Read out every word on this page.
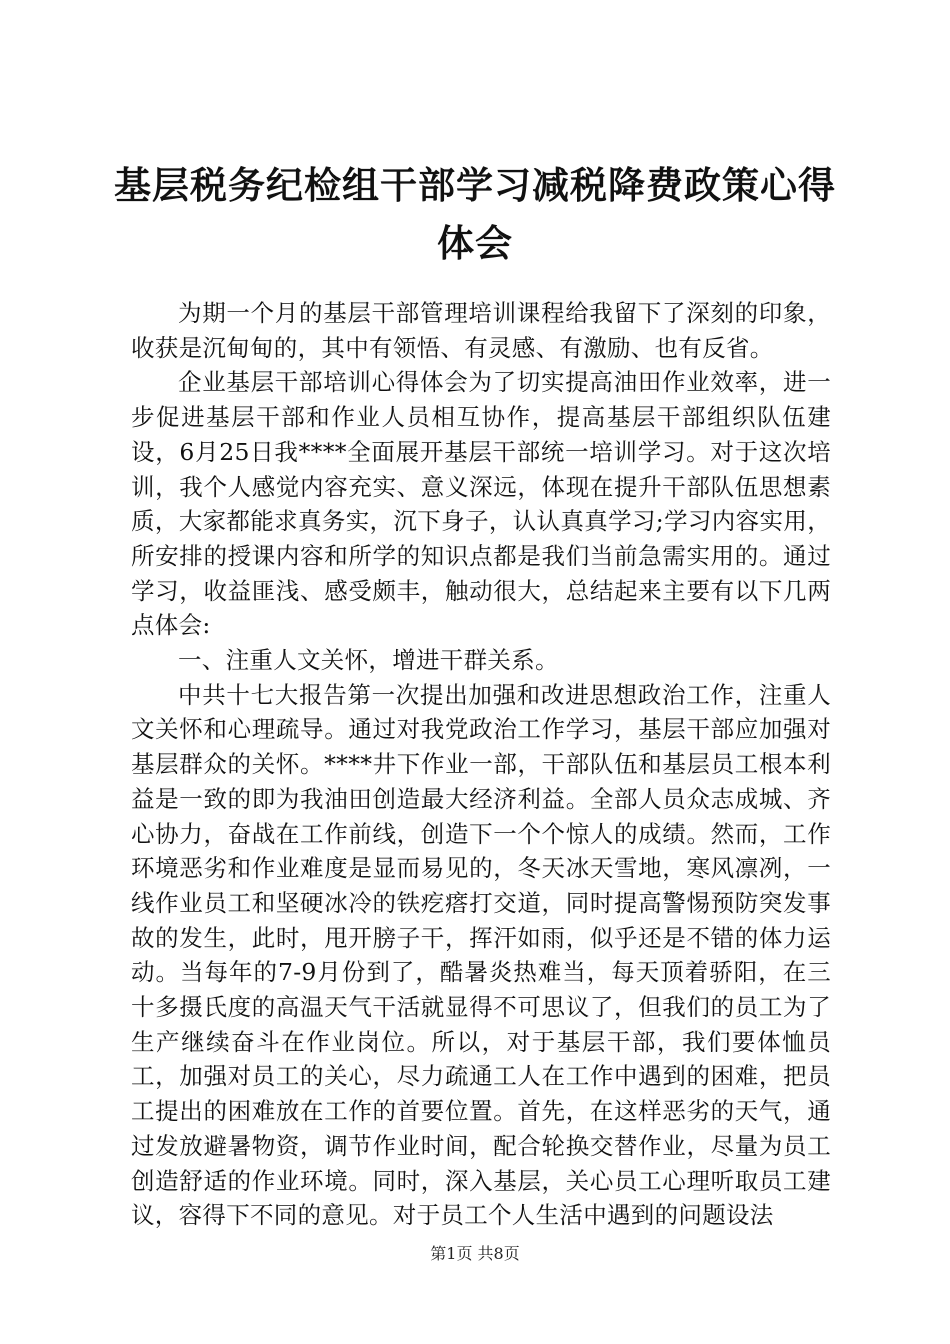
基层税务纪检组干部学习减税降费政策心得体会

为期一个月的基层干部管理培训课程给我留下了深刻的印象，收获是沉甸甸的，其中有领悟、有灵感、有激励、也有反省。

企业基层干部培训心得体会为了切实提高油田作业效率，进一步促进基层干部和作业人员相互协作，提高基层干部组织队伍建设，6月25日我****全面展开基层干部统一培训学习。对于这次培训，我个人感觉内容充实、意义深远，体现在提升干部队伍思想素质，大家都能求真务实，沉下身子，认认真真学习;学习内容实用，所安排的授课内容和所学的知识点都是我们当前急需实用的。通过学习，收益匪浅、感受颇丰，触动很大，总结起来主要有以下几两点体会:

一、注重人文关怀，增进干群关系。

中共十七大报告第一次提出加强和改进思想政治工作，注重人文关怀和心理疏导。通过对我党政治工作学习，基层干部应加强对基层群众的关怀。****井下作业一部，干部队伍和基层员工根本利益是一致的即为我油田创造最大经济利益。全部人员众志成城、齐心协力，奋战在工作前线，创造下一个个惊人的成绩。然而，工作环境恶劣和作业难度是显而易见的，冬天冰天雪地，寒风凛冽，一线作业员工和坚硬冰冷的铁疙瘩打交道，同时提高警惕预防突发事故的发生，此时，甩开膀子干，挥汗如雨，似乎还是不错的体力运动。当每年的7-9月份到了，酷暑炎热难当，每天顶着骄阳，在三十多摄氏度的高温天气干活就显得不可思议了，但我们的员工为了生产继续奋斗在作业岗位。所以，对于基层干部，我们要体恤员工，加强对员工的关心，尽力疏通工人在工作中遇到的困难，把员工提出的困难放在工作的首要位置。首先，在这样恶劣的天气，通过发放避暑物资，调节作业时间，配合轮换交替作业，尽量为员工创造舒适的作业环境。同时，深入基层，关心员工心理听取员工建议，容得下不同的意见。对于员工个人生活中遇到的问题设法

第1页 共8页
